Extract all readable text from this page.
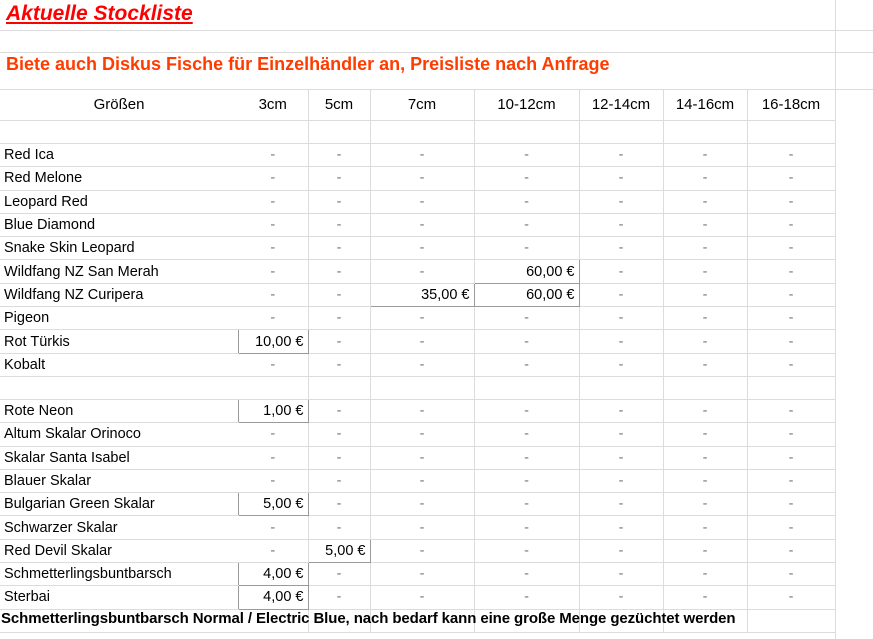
Aktuelle Stockliste
Biete auch Diskus Fische für Einzelhändler an, Preisliste nach Anfrage
Größen	3cm	5cm	7cm	10-12cm	12-14cm	14-16cm	16-18cm

Red Ica	-	-	-	-	-	-	-
Red Melone	-	-	-	-	-	-	-
Leopard Red	-	-	-	-	-	-	-
Blue Diamond	-	-	-	-	-	-	-
Snake Skin Leopard	-	-	-	-	-	-	-
Wildfang NZ San Merah	-	-	-	60,00 €	-	-	-
Wildfang NZ Curipera	-	-	35,00 €	60,00 €	-	-	-
Pigeon	-	-	-	-	-	-	-
Rot Türkis	10,00 €	-	-	-	-	-	-
Kobalt	-	-	-	-	-	-	-

Rote Neon	1,00 €	-	-	-	-	-	-
Altum Skalar Orinoco	-	-	-	-	-	-	-
Skalar Santa Isabel	-	-	-	-	-	-	-
Blauer Skalar	-	-	-	-	-	-	-
Bulgarian Green Skalar	5,00 €	-	-	-	-	-	-
Schwarzer Skalar	-	-	-	-	-	-	-
Red Devil Skalar	-	5,00 €	-	-	-	-	-
Schmetterlingsbuntbarsch	4,00 €	-	-	-	-	-	-
Sterbai	4,00 €	-	-	-	-	-	-

Schmetterlingsbuntbarsch Normal / Electric Blue, nach bedarf kann eine große Menge gezüchtet werden
